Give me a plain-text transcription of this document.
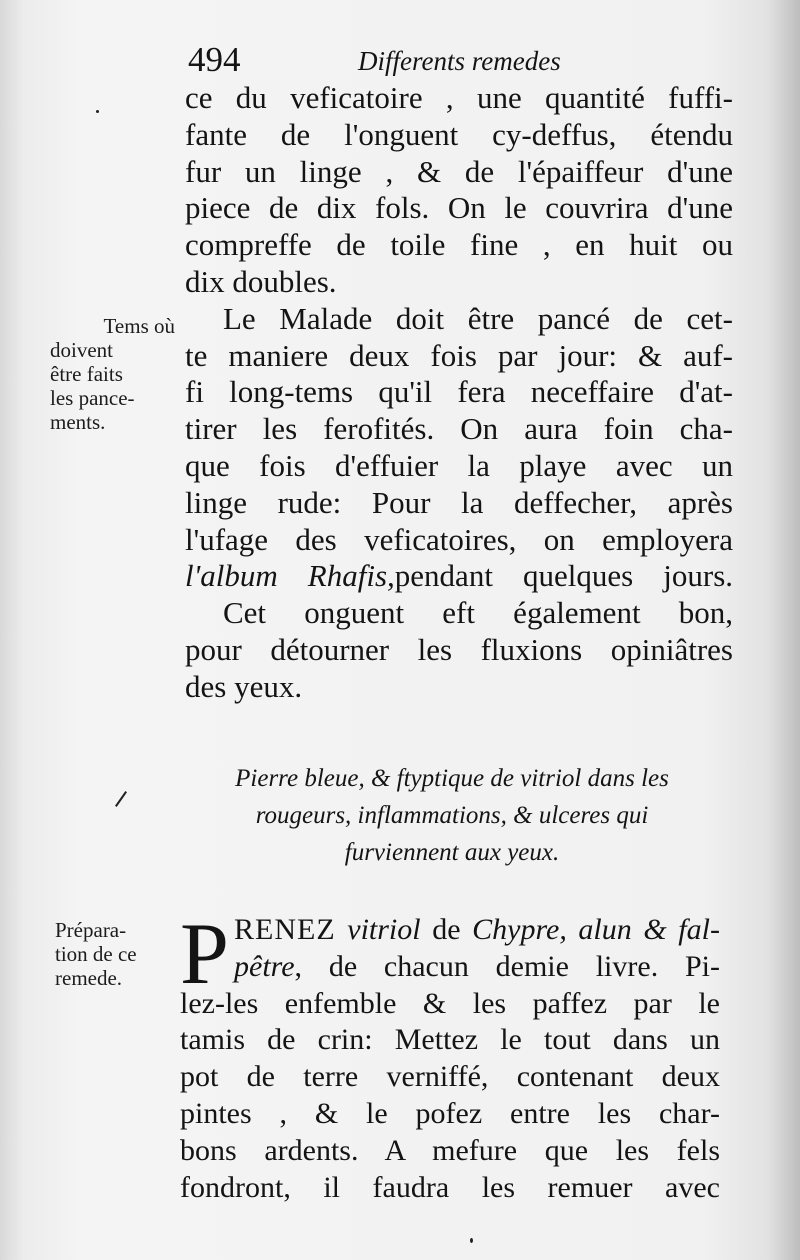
494	Differents remedes
ce du veficatoire , une quantité fuffi-
fante de l'onguent cy-deffus, étendu
fur un linge , & de l'épaiffeur d'une
piece de dix fols. On le couvrira d'une
compreffe de toile fine , en huit ou
dix doubles.
Le Malade doit être pancé de cet-
te maniere deux fois par jour: & auf-
fi long-tems qu'il fera neceffaire d'at-
tirer les ferofités. On aura foin cha-
que fois d'effuier la playe avec un
linge rude: Pour la deffecher, après
l'ufage des veficatoires, on employera
l'album Rhafis,pendant quelques jours.
Cet onguent eft également bon,
pour détourner les fluxions opiniâtres
des yeux.
Tems où
doivent
être faits
les pance-
ments.
Pierre bleue, & ftyptique de vitriol dans les
rougeurs, inflammations, & ulceres qui
furviennent aux yeux.
Prépara-
tion de ce
remede. P RENEZ vitriol de Chypre, alun & fal-
pêtre, de chacun demie livre. Pi-
lez-les enfemble & les paffez par le
tamis de crin: Mettez le tout dans un
pot de terre verniffé, contenant deux
pintes , & le pofez entre les char-
bons ardents. A mefure que les fels
fondront, il faudra les remuer avec
